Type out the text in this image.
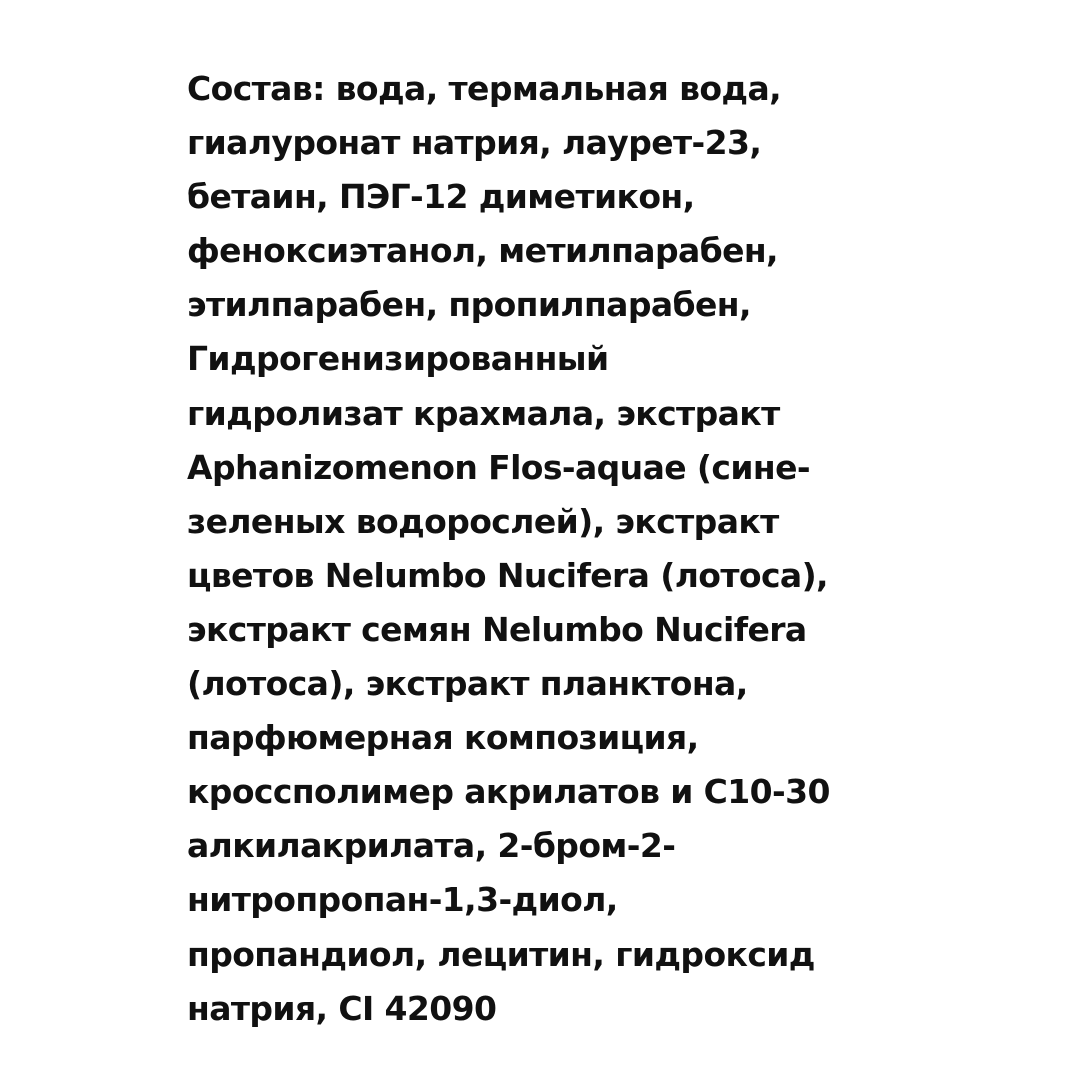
Состав: вода, термальная вода,
гиалуронат натрия, лаурет-23,
бетаин, ПЭГ-12 диметикон,
феноксиэтанол, метилпарабен,
этилпарабен, пропилпарабен,
Гидрогенизированный
гидролизат крахмала, экстракт
Aphanizomenon Flos-aquae (сине-
зеленых водорослей), экстракт
цветов Nelumbo Nucifera (лотоса),
экстракт семян Nelumbo Nucifera
(лотоса), экстракт планктона,
парфюмерная композиция,
кроссполимер акрилатов и C10-30
алкилакрилата, 2-бром-2-
нитропропан-1,3-диол,
пропандиол, лецитин, гидроксид
натрия, CI 42090
